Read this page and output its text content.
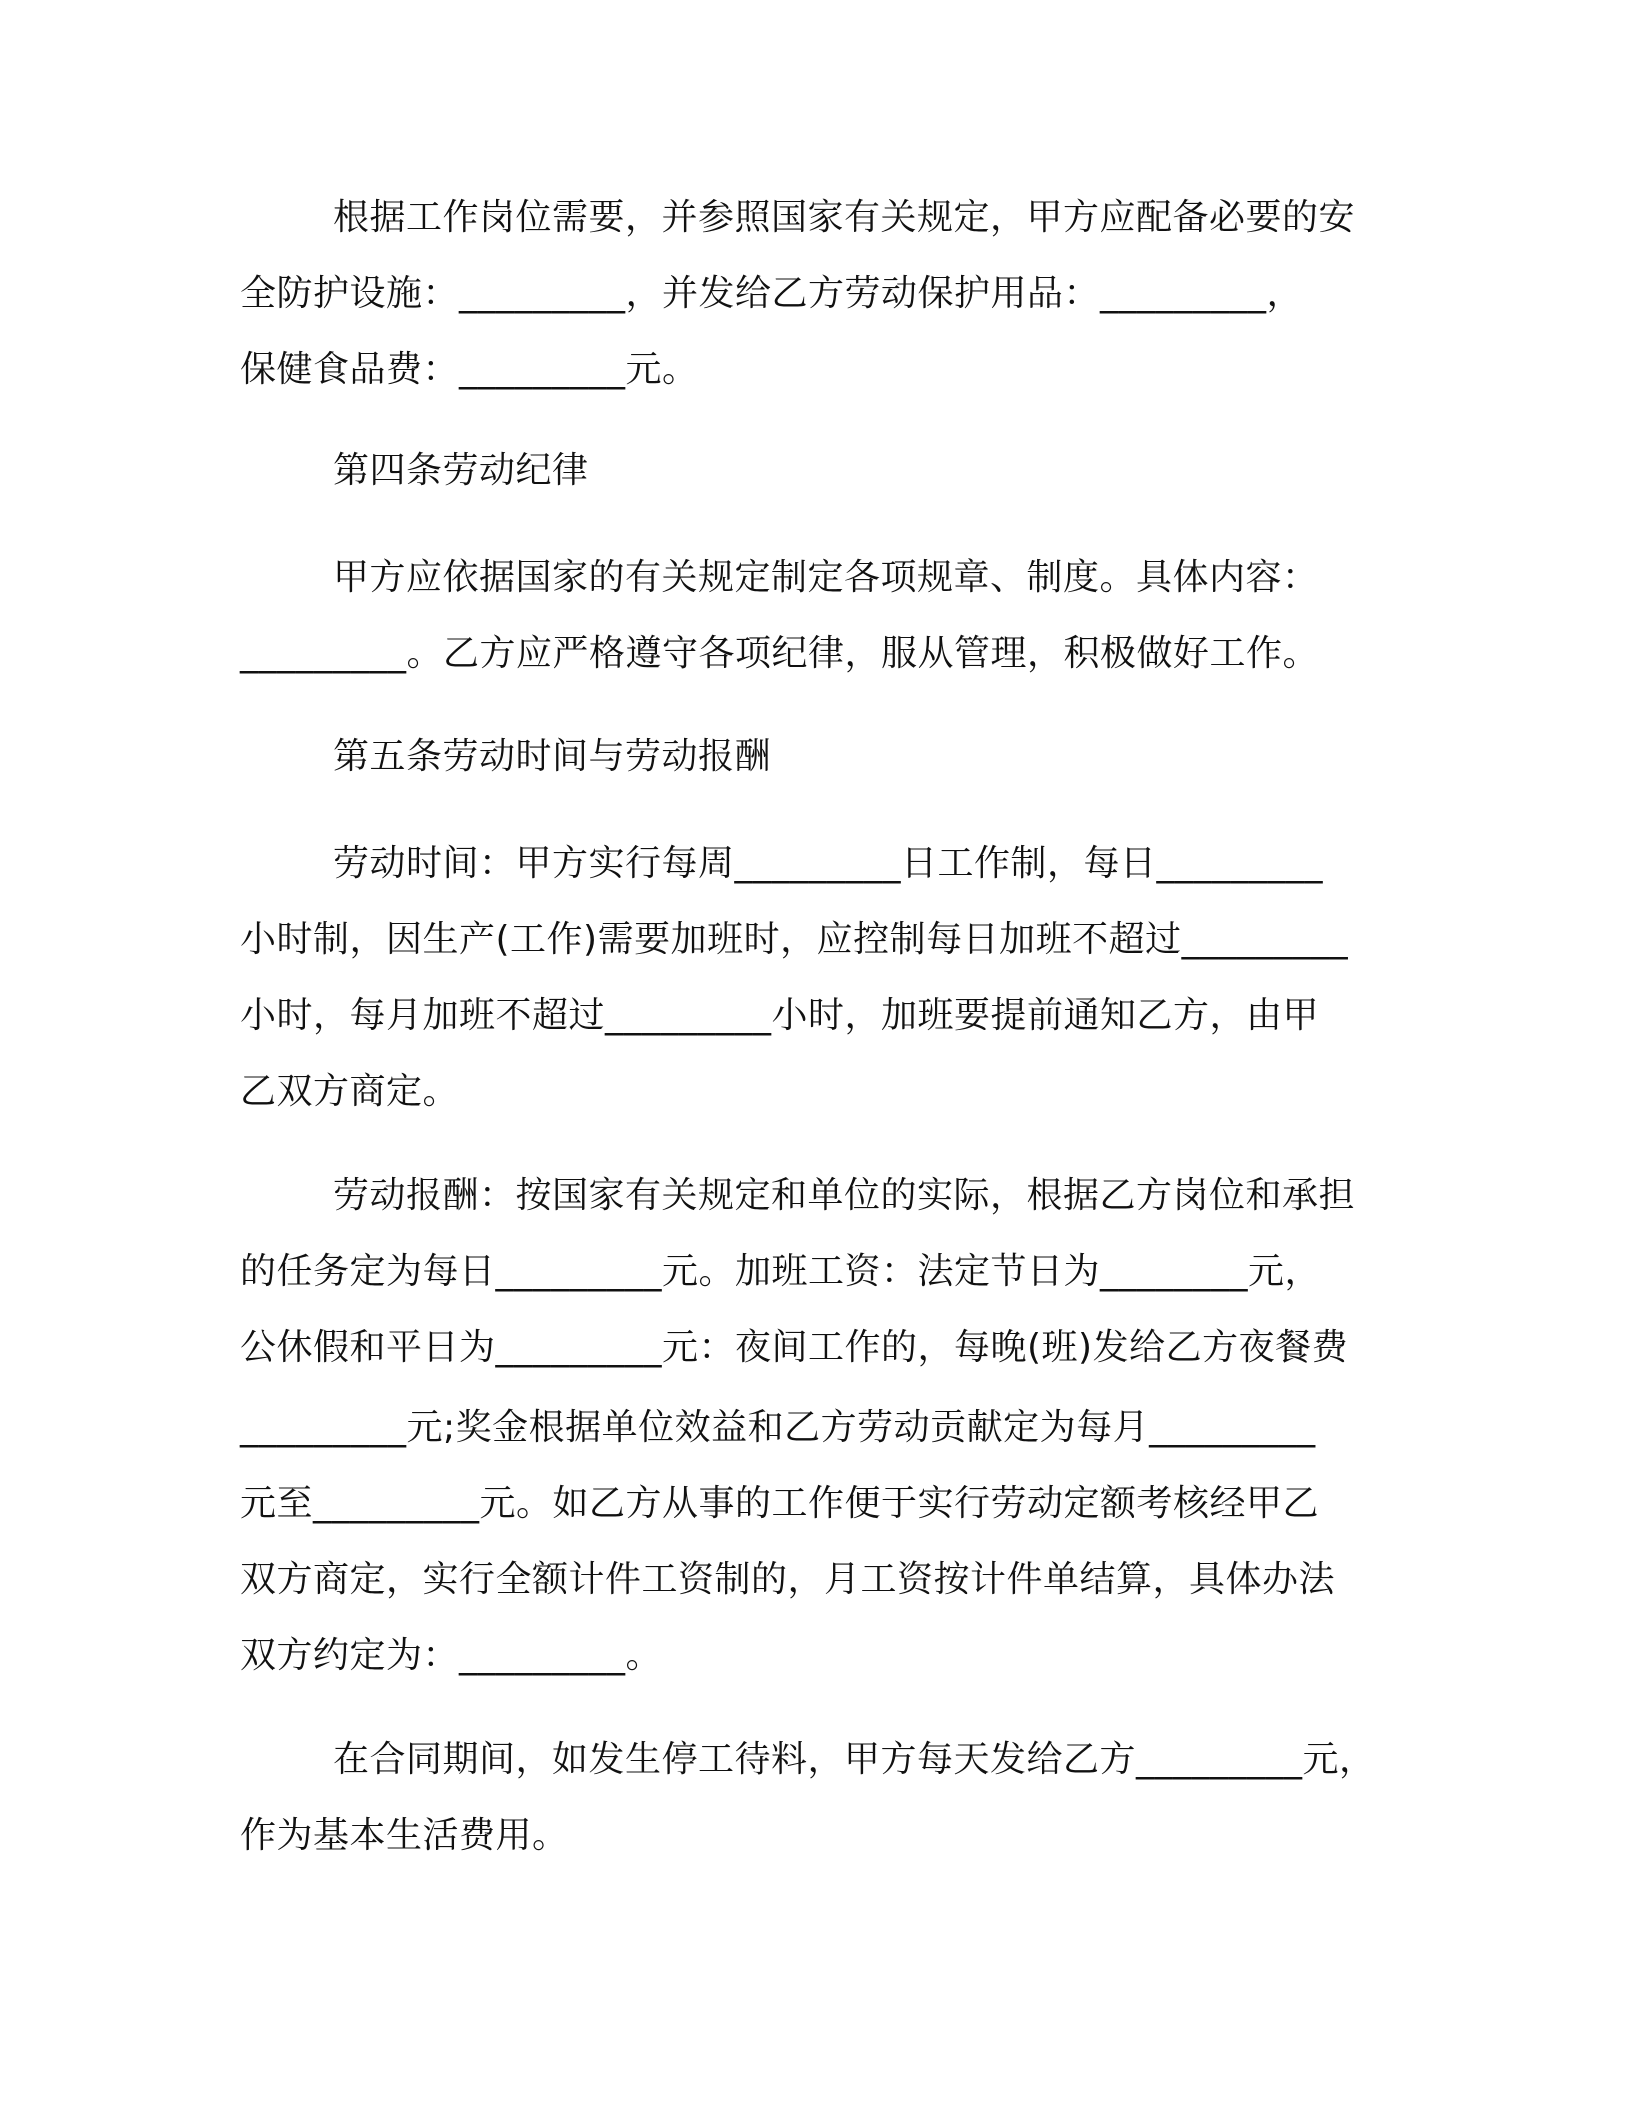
根据工作岗位需要，并参照国家有关规定，甲方应配备必要的安
全防护设施：_________，并发给乙方劳动保护用品：_________，
保健食品费：_________元。
第四条劳动纪律
甲方应依据国家的有关规定制定各项规章、制度。具体内容：
_________。乙方应严格遵守各项纪律，服从管理，积极做好工作。
第五条劳动时间与劳动报酬
劳动时间：甲方实行每周_________日工作制，每日_________
小时制，因生产(工作)需要加班时，应控制每日加班不超过_________
小时，每月加班不超过_________小时，加班要提前通知乙方，由甲
乙双方商定。
劳动报酬：按国家有关规定和单位的实际，根据乙方岗位和承担
的任务定为每日_________元。加班工资：法定节日为________元，
公休假和平日为_________元：夜间工作的，每晚(班)发给乙方夜餐费
_________元;奖金根据单位效益和乙方劳动贡献定为每月_________
元至_________元。如乙方从事的工作便于实行劳动定额考核经甲乙
双方商定，实行全额计件工资制的，月工资按计件单结算，具体办法
双方约定为：_________。
在合同期间，如发生停工待料，甲方每天发给乙方_________元，
作为基本生活费用。
